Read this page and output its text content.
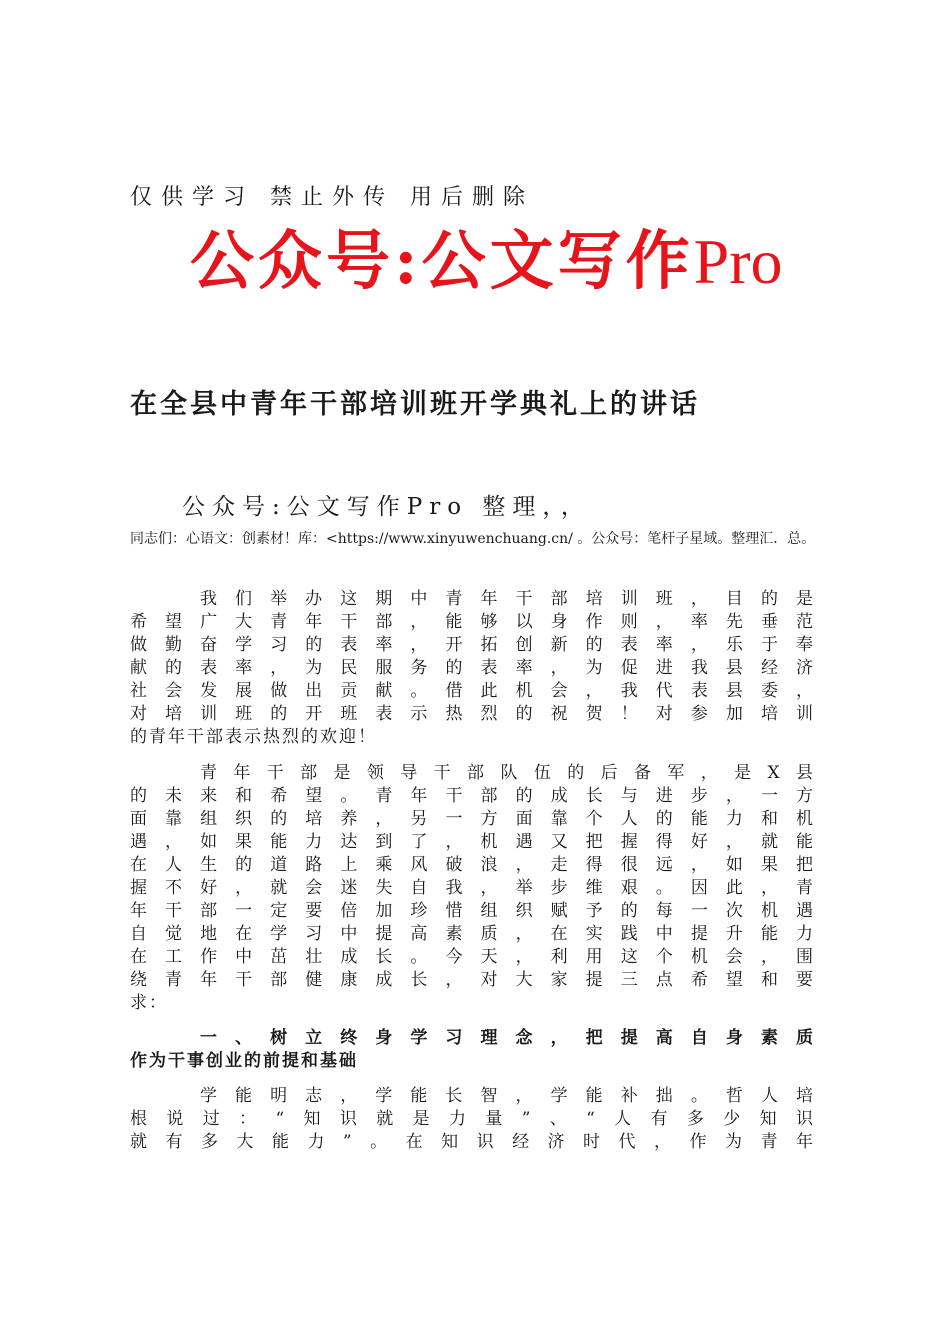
仅供学习 禁止外传 用后删除
公众号:公文写作Pro
在全县中青年干部培训班开学典礼上的讲话
公众号:公文写作Pro 整理，，
同志们：心语文：创素材！库：<https://www.xinyuwenchuang.cn/ 。公众号：笔杆子星域。整理汇．总。
我们举办这期中青年干部培训班，目的是
希望广大青年干部，能够以身作则，率先垂范
做勤奋学习的表率，开拓创新的表率，乐于奉
献的表率，为民服务的表率，为促进我县经济
社会发展做出贡献。借此机会，我代表县委，
对培训班的开班表示热烈的祝贺！对参加培训
的青年干部表示热烈的欢迎！
青年干部是领导干部队伍的后备军，是X县
的未来和希望。青年干部的成长与进步，一方
面靠组织的培养，另一方面靠个人的能力和机
遇，如果能力达到了，机遇又把握得好，就能
在人生的道路上乘风破浪，走得很远，如果把
握不好，就会迷失自我，举步维艰。因此，青
年干部一定要倍加珍惜组织赋予的每一次机遇
自觉地在学习中提高素质，在实践中提升能力
在工作中茁壮成长。今天，利用这个机会，围
绕青年干部健康成长，对大家提三点希望和要
求：
一、树立终身学习理念，把提高自身素质
作为干事创业的前提和基础
学能明志，学能长智，学能补拙。哲人培
根说过：“知识就是力量”、“人有多少知识
就有多大能力”。在知识经济时代，作为青年
